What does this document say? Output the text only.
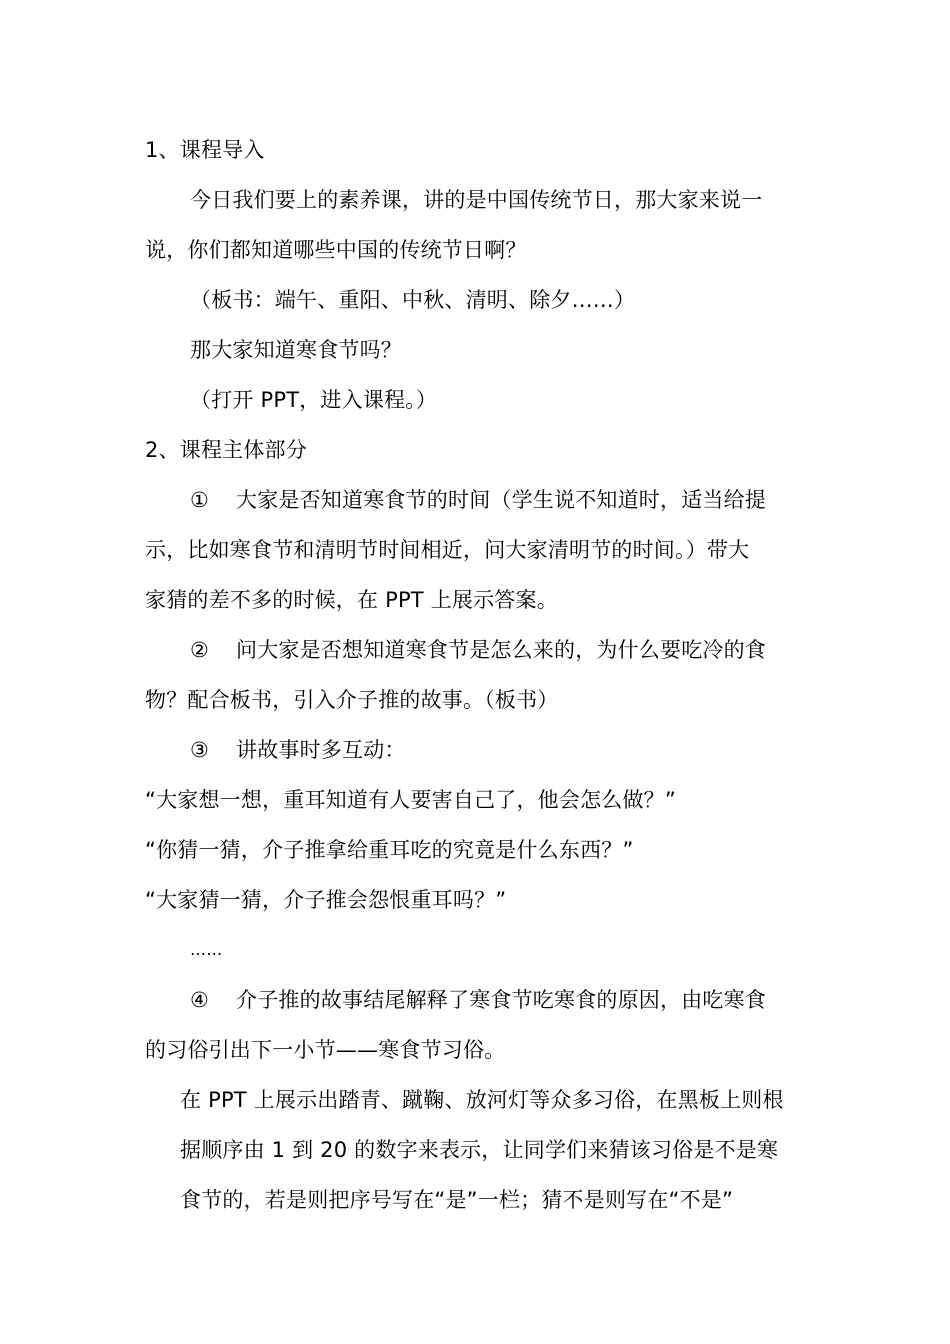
1、课程导入
今日我们要上的素养课，讲的是中国传统节日，那大家来说一
说，你们都知道哪些中国的传统节日啊？
（板书：端午、重阳、中秋、清明、除夕……）
那大家知道寒食节吗？
（打开 PPT，进入课程。）
2、课程主体部分
① 大家是否知道寒食节的时间（学生说不知道时，适当给提
示，比如寒食节和清明节时间相近，问大家清明节的时间。）带大
家猜的差不多的时候，在 PPT 上展示答案。
② 问大家是否想知道寒食节是怎么来的，为什么要吃冷的食
物？配合板书，引入介子推的故事。（板书）
③ 讲故事时多互动：
“大家想一想，重耳知道有人要害自己了，他会怎么做？”
“你猜一猜，介子推拿给重耳吃的究竟是什么东西？”
“大家猜一猜，介子推会怨恨重耳吗？”
……
④ 介子推的故事结尾解释了寒食节吃寒食的原因，由吃寒食
的习俗引出下一小节——寒食节习俗。
在 PPT 上展示出踏青、蹴鞠、放河灯等众多习俗，在黑板上则根
据顺序由 1 到 20 的数字来表示，让同学们来猜该习俗是不是寒
食节的，若是则把序号写在“是”一栏；猜不是则写在“不是”
